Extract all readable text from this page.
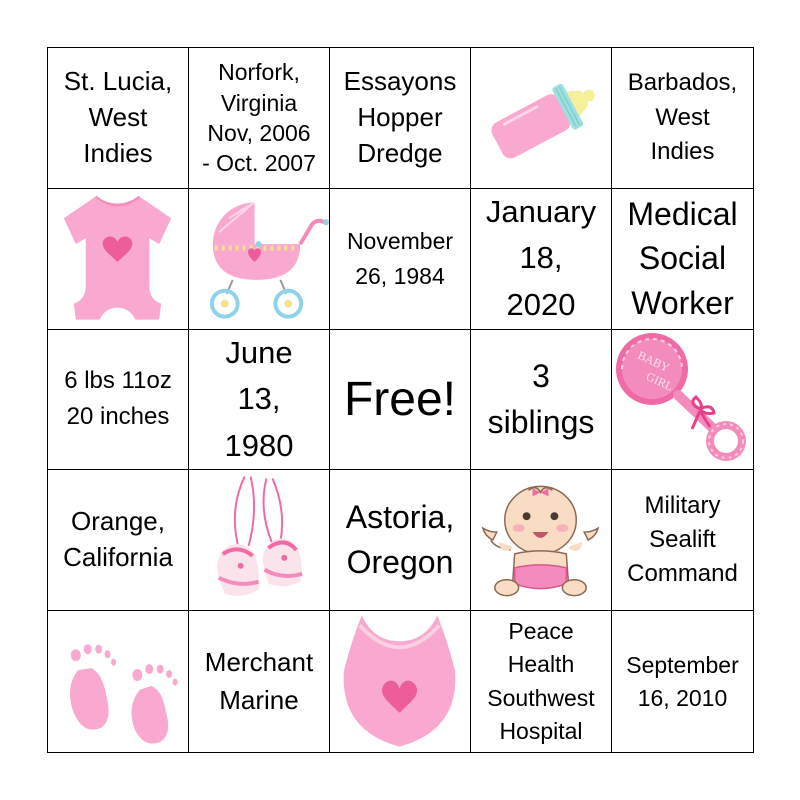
St. Lucia,
West
Indies
Norfork,
Virginia
Nov, 2006
- Oct. 2007
Essayons
Hopper
Dredge
Barbados,
West
Indies
November
26, 1984
January
18,
2020
Medical
Social
Worker
6 lbs 11oz
20 inches
June
13,
1980
Free!	3
siblings
BABY
GIRL
Orange,
California
Astoria,
Oregon
Military
Sealift
Command
Merchant
Marine
Peace
Health
Southwest
Hospital
September
16, 2010
